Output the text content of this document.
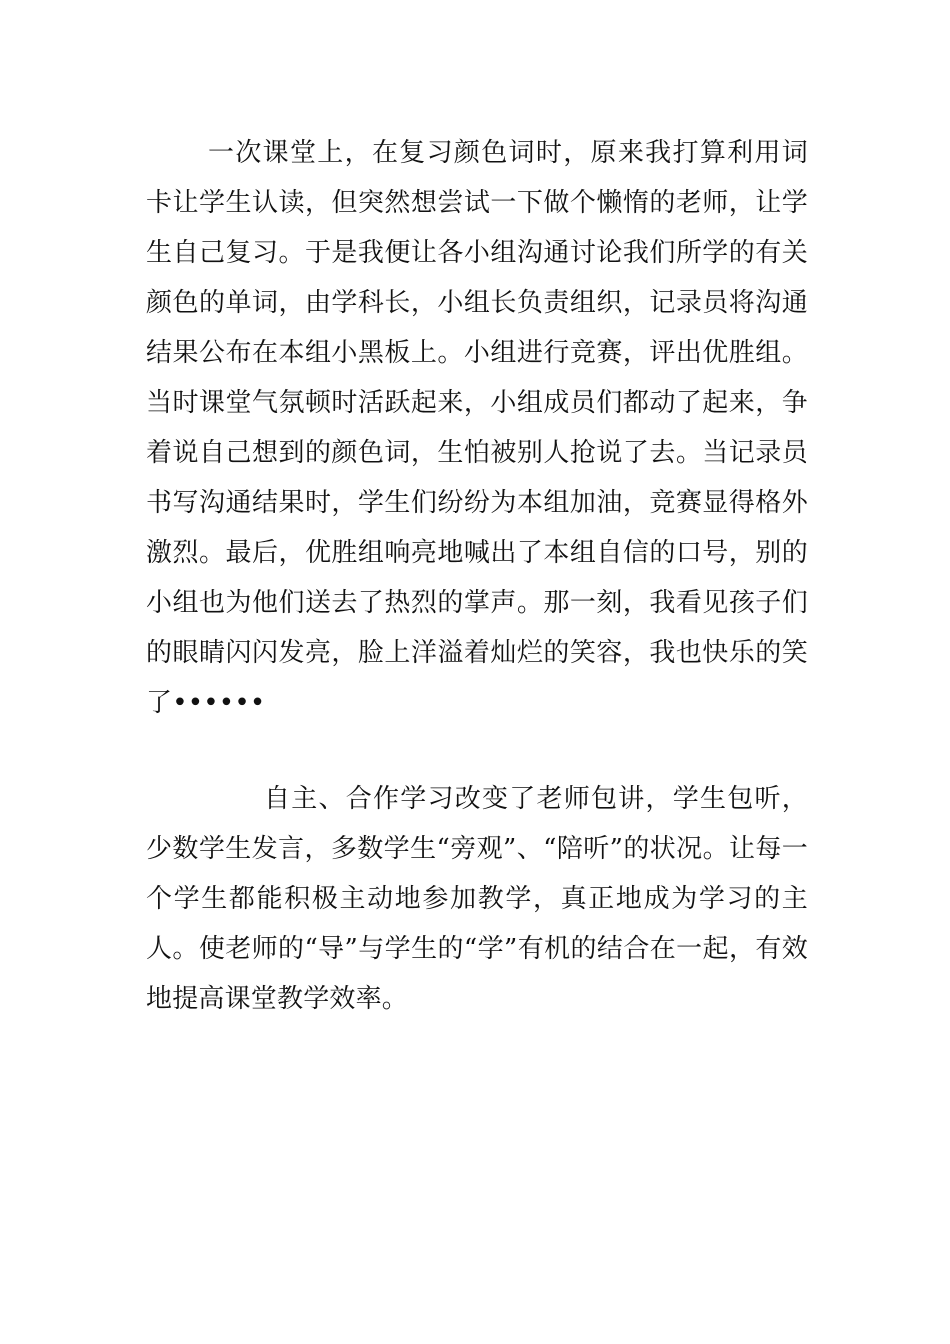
一次课堂上，在复习颜色词时，原来我打算利用词卡让学生认读，但突然想尝试一下做个懒惰的老师，让学生自己复习。于是我便让各小组沟通讨论我们所学的有关颜色的单词，由学科长，小组长负责组织，记录员将沟通结果公布在本组小黑板上。小组进行竞赛，评出优胜组。当时课堂气氛顿时活跃起来，小组成员们都动了起来，争着说自己想到的颜色词，生怕被别人抢说了去。当记录员书写沟通结果时，学生们纷纷为本组加油，竞赛显得格外激烈。最后，优胜组响亮地喊出了本组自信的口号，别的小组也为他们送去了热烈的掌声。那一刻，我看见孩子们的眼睛闪闪发亮，脸上洋溢着灿烂的笑容，我也快乐的笑了••••••

自主、合作学习改变了老师包讲，学生包听，少数学生发言，多数学生“旁观”、“陪听”的状况。让每一个学生都能积极主动地参加教学，真正地成为学习的主人。使老师的“导”与学生的“学”有机的结合在一起，有效地提高课堂教学效率。
